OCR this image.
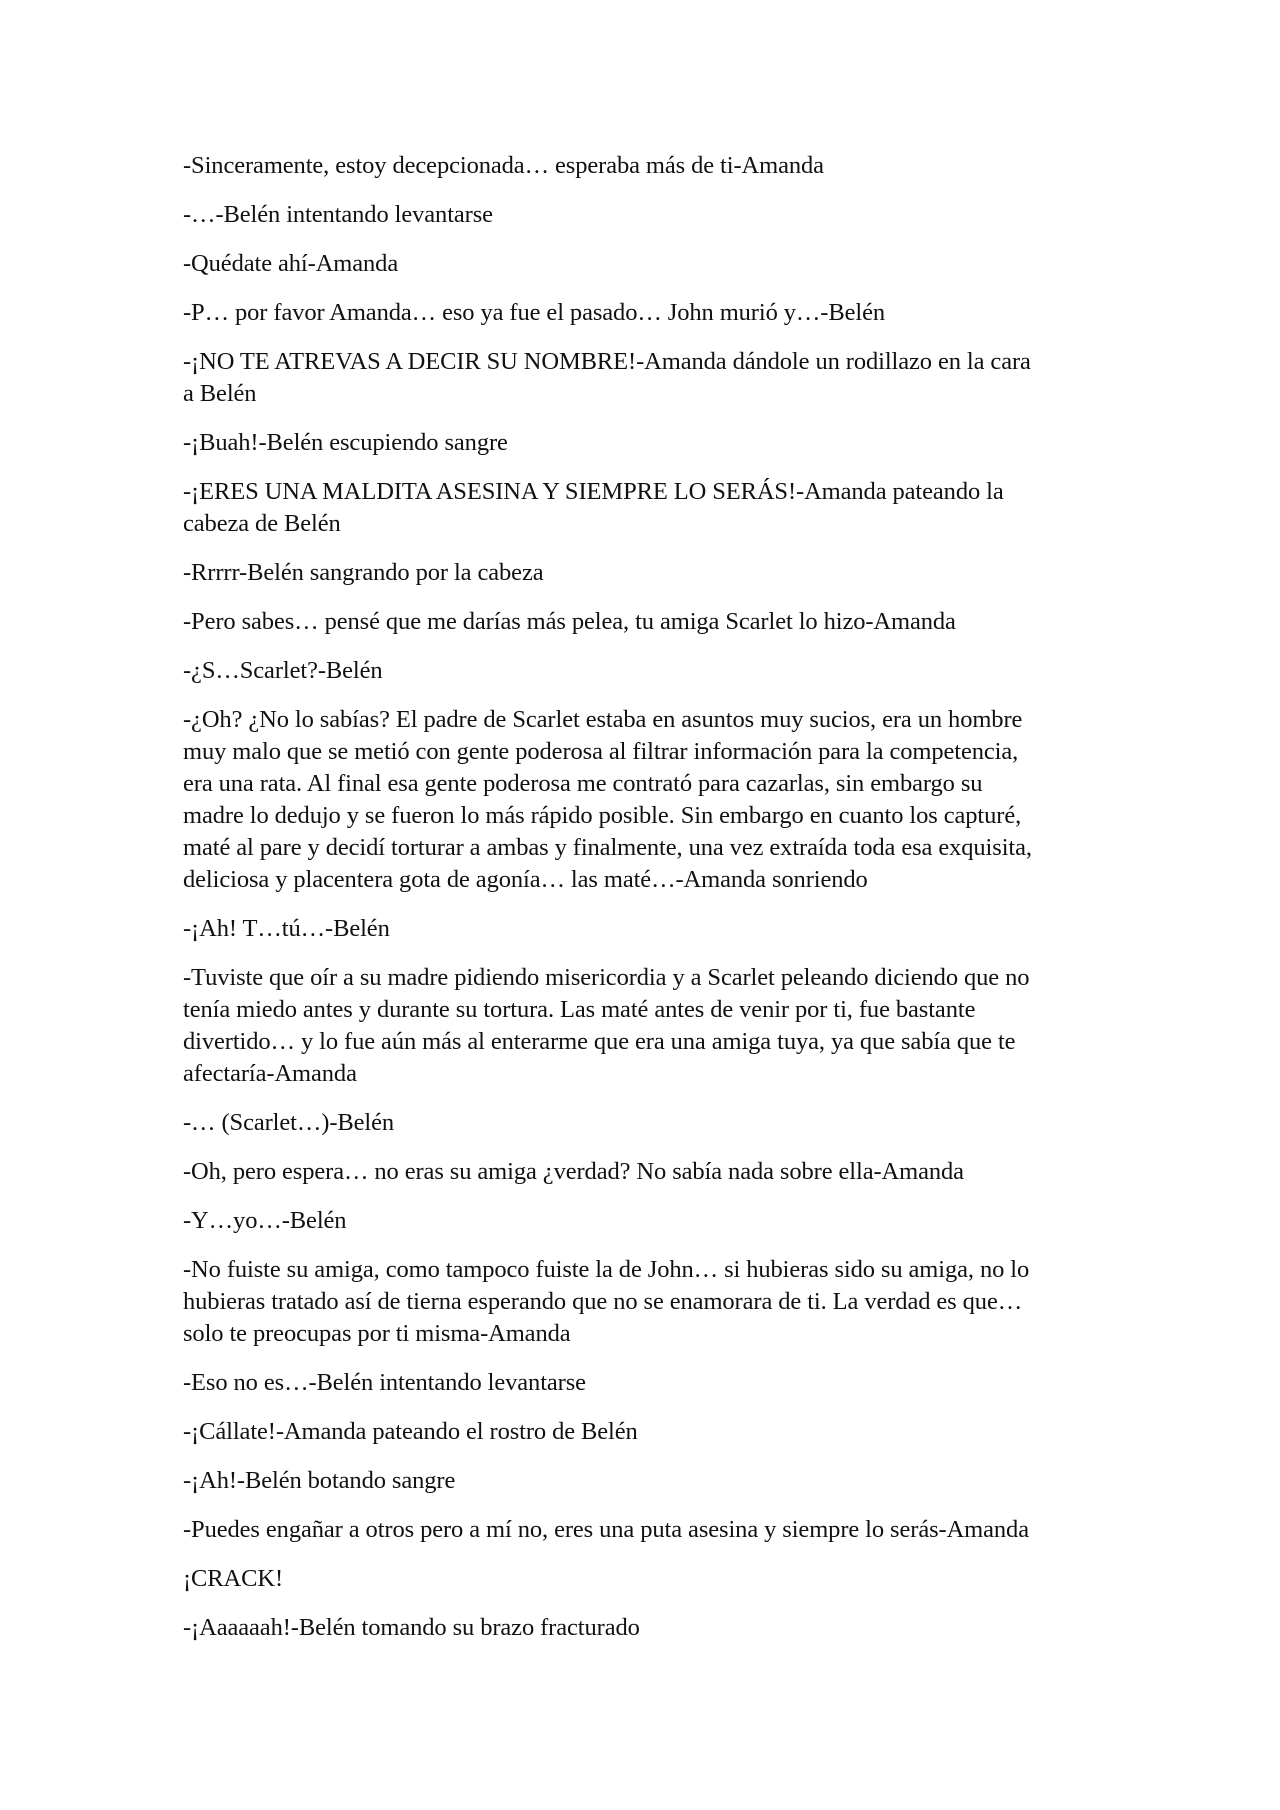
-Sinceramente, estoy decepcionada… esperaba más de ti-Amanda

-…-Belén intentando levantarse

-Quédate ahí-Amanda

-P… por favor Amanda… eso ya fue el pasado… John murió y…-Belén

-¡NO TE ATREVAS A DECIR SU NOMBRE!-Amanda dándole un rodillazo en la cara
a Belén

-¡Buah!-Belén escupiendo sangre

-¡ERES UNA MALDITA ASESINA Y SIEMPRE LO SERÁS!-Amanda pateando la
cabeza de Belén

-Rrrrr-Belén sangrando por la cabeza

-Pero sabes… pensé que me darías más pelea, tu amiga Scarlet lo hizo-Amanda

-¿S…Scarlet?-Belén

-¿Oh? ¿No lo sabías? El padre de Scarlet estaba en asuntos muy sucios, era un hombre
muy malo que se metió con gente poderosa al filtrar información para la competencia,
era una rata. Al final esa gente poderosa me contrató para cazarlas, sin embargo su
madre lo dedujo y se fueron lo más rápido posible. Sin embargo en cuanto los capturé,
maté al pare y decidí torturar a ambas y finalmente, una vez extraída toda esa exquisita,
deliciosa y placentera gota de agonía… las maté…-Amanda sonriendo

-¡Ah! T…tú…-Belén

-Tuviste que oír a su madre pidiendo misericordia y a Scarlet peleando diciendo que no
tenía miedo antes y durante su tortura. Las maté antes de venir por ti, fue bastante
divertido… y lo fue aún más al enterarme que era una amiga tuya, ya que sabía que te
afectaría-Amanda

-… (Scarlet…)-Belén

-Oh, pero espera… no eras su amiga ¿verdad? No sabía nada sobre ella-Amanda

-Y…yo…-Belén

-No fuiste su amiga, como tampoco fuiste la de John… si hubieras sido su amiga, no lo
hubieras tratado así de tierna esperando que no se enamorara de ti. La verdad es que…
solo te preocupas por ti misma-Amanda

-Eso no es…-Belén intentando levantarse

-¡Cállate!-Amanda pateando el rostro de Belén

-¡Ah!-Belén botando sangre

-Puedes engañar a otros pero a mí no, eres una puta asesina y siempre lo serás-Amanda

¡CRACK!

-¡Aaaaaah!-Belén tomando su brazo fracturado
